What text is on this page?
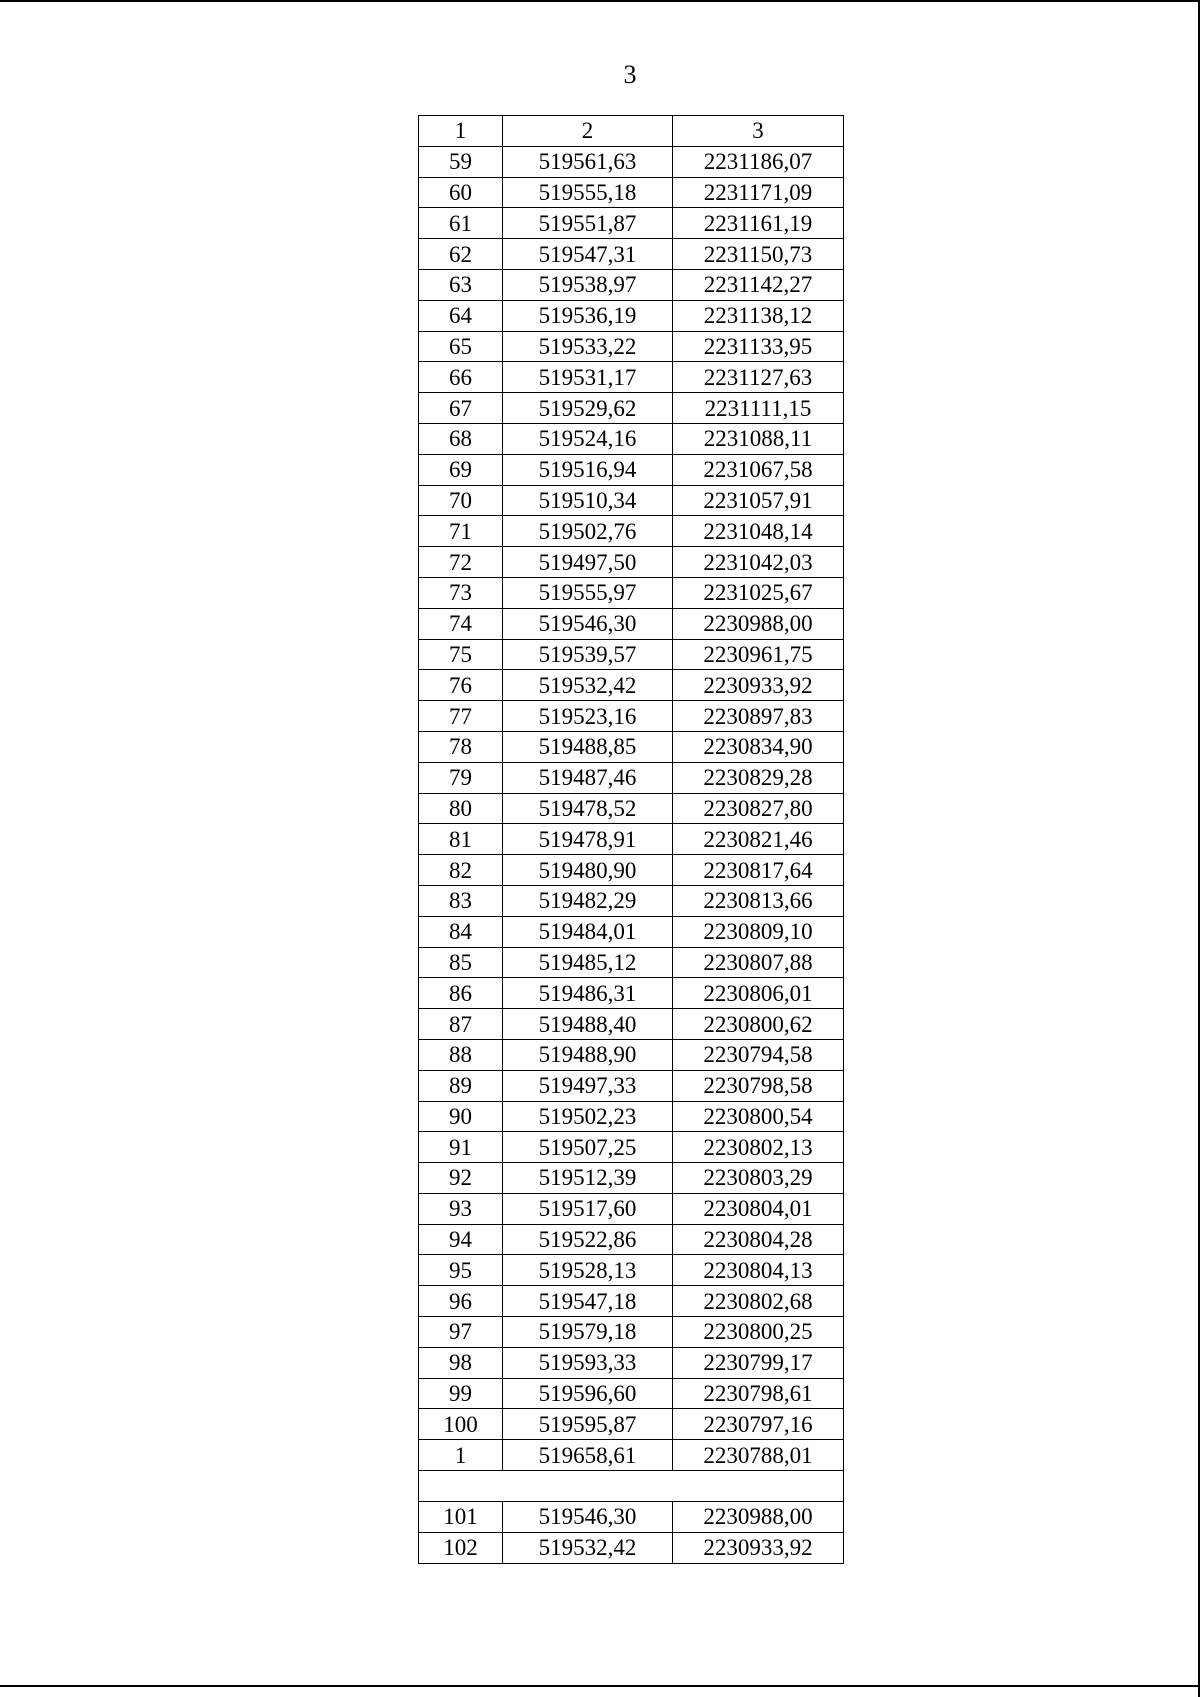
3
1	2	3
59	519561,63	2231186,07
60	519555,18	2231171,09
61	519551,87	2231161,19
62	519547,31	2231150,73
63	519538,97	2231142,27
64	519536,19	2231138,12
65	519533,22	2231133,95
66	519531,17	2231127,63
67	519529,62	2231111,15
68	519524,16	2231088,11
69	519516,94	2231067,58
70	519510,34	2231057,91
71	519502,76	2231048,14
72	519497,50	2231042,03
73	519555,97	2231025,67
74	519546,30	2230988,00
75	519539,57	2230961,75
76	519532,42	2230933,92
77	519523,16	2230897,83
78	519488,85	2230834,90
79	519487,46	2230829,28
80	519478,52	2230827,80
81	519478,91	2230821,46
82	519480,90	2230817,64
83	519482,29	2230813,66
84	519484,01	2230809,10
85	519485,12	2230807,88
86	519486,31	2230806,01
87	519488,40	2230800,62
88	519488,90	2230794,58
89	519497,33	2230798,58
90	519502,23	2230800,54
91	519507,25	2230802,13
92	519512,39	2230803,29
93	519517,60	2230804,01
94	519522,86	2230804,28
95	519528,13	2230804,13
96	519547,18	2230802,68
97	519579,18	2230800,25
98	519593,33	2230799,17
99	519596,60	2230798,61
100	519595,87	2230797,16
1	519658,61	2230788,01

101	519546,30	2230988,00
102	519532,42	2230933,92
